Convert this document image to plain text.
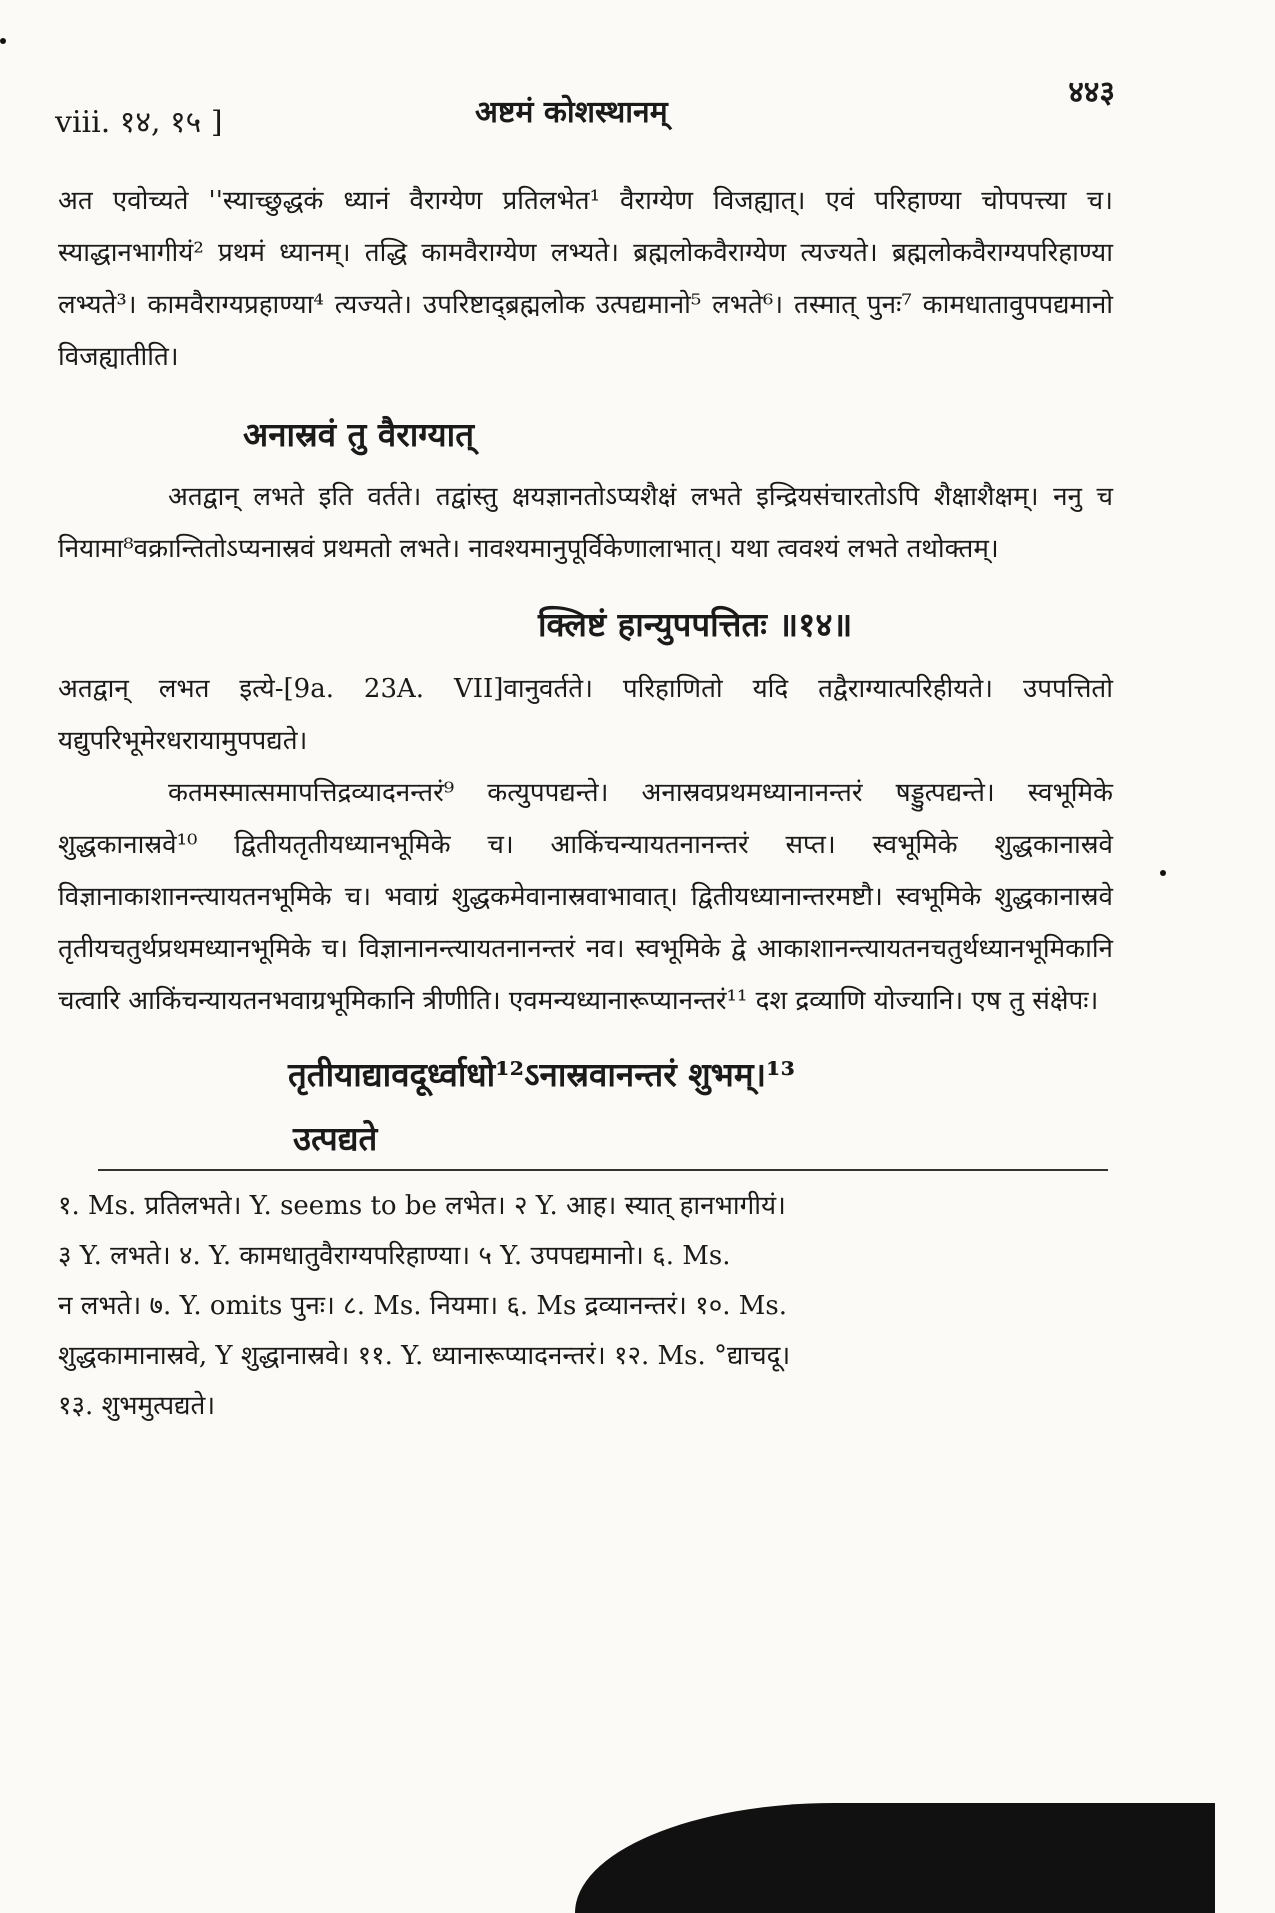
viii. १४, १५ ]	अष्टमं कोशस्थानम्
४४३

अत एवोच्यते ''स्याच्छुद्धकं ध्यानं वैराग्येण प्रतिलभेत¹ वैराग्येण विजह्यात्। एवं परिहाण्या चोपपत्त्या च। स्याद्धानभागीयं² प्रथमं ध्यानम्। तद्धि कामवैराग्येण लभ्यते। ब्रह्मलोकवैराग्येण त्यज्यते। ब्रह्मलोकवैराग्यपरिहाण्या लभ्यते³। कामवैराग्यप्रहाण्या⁴ त्यज्यते। उपरिष्टाद्ब्रह्मलोक उत्पद्यमानो⁵ लभते⁶। तस्मात् पुनः⁷ कामधातावुपपद्यमानो विजह्यातीति।

अनास्रवं तु वैराग्यात्

अतद्वान् लभते इति वर्तते। तद्वांस्तु क्षयज्ञानतोऽप्यशैक्षं लभते इन्द्रियसंचारतोऽपि शैक्षाशैक्षम्। ननु च नियामा⁸वक्रान्तितोऽप्यनास्रवं प्रथमतो लभते। नावश्यमानुपूर्विकेणालाभात्। यथा त्ववश्यं लभते तथोक्तम्।

क्लिष्टं हान्युपपत्तितः ॥१४॥

अतद्वान् लभत इत्ये-[9a. 23A. VII]वानुवर्तते। परिहाणितो यदि तद्वैराग्यात्परिहीयते। उपपत्तितो यद्युपरिभूमेरधरायामुपपद्यते।

कतमस्मात्समापत्तिद्रव्यादनन्तरं⁹ कत्युपपद्यन्ते। अनास्रवप्रथमध्यानानन्तरं षड्डुत्पद्यन्ते। स्वभूमिके शुद्धकानास्रवे¹⁰ द्वितीयतृतीयध्यानभूमिके च। आकिंचन्यायतनानन्तरं सप्त। स्वभूमिके शुद्धकानास्रवे विज्ञानाकाशानन्त्यायतनभूमिके च। भवाग्रं शुद्धकमेवानास्रवाभावात्। द्वितीयध्यानान्तरमष्टौ। स्वभूमिके शुद्धकानास्रवे तृतीयचतुर्थप्रथमध्यानभूमिके च। विज्ञानानन्त्यायतनानन्तरं नव। स्वभूमिके द्वे आकाशानन्त्यायतनचतुर्थध्यानभूमिकानि चत्वारि आकिंचन्यायतनभवाग्रभूमिकानि त्रीणीति। एवमन्यध्यानारूप्यानन्तरं¹¹ दश द्रव्याणि योज्यानि। एष तु संक्षेपः।

तृतीयाद्यावदूर्ध्वाधो¹²ऽनास्रवानन्तरं शुभम्।¹³

उत्पद्यते

१. Ms. प्रतिलभते। Y. seems to be लभेत। २ Y. आह। स्यात् हानभागीयं।

३ Y. लभते। ४. Y. कामधातुवैराग्यपरिहाण्या। ५ Y. उपपद्यमानो। ६. Ms.

न लभते। ७. Y. omits पुनः। ८. Ms. नियमा। ६. Ms द्रव्यानन्तरं। १०. Ms.

शुद्धकामानास्रवे, Y शुद्धानास्रवे। ११. Y. ध्यानारूप्यादनन्तरं। १२. Ms. °द्याचदू।

१३. शुभमुत्पद्यते।
